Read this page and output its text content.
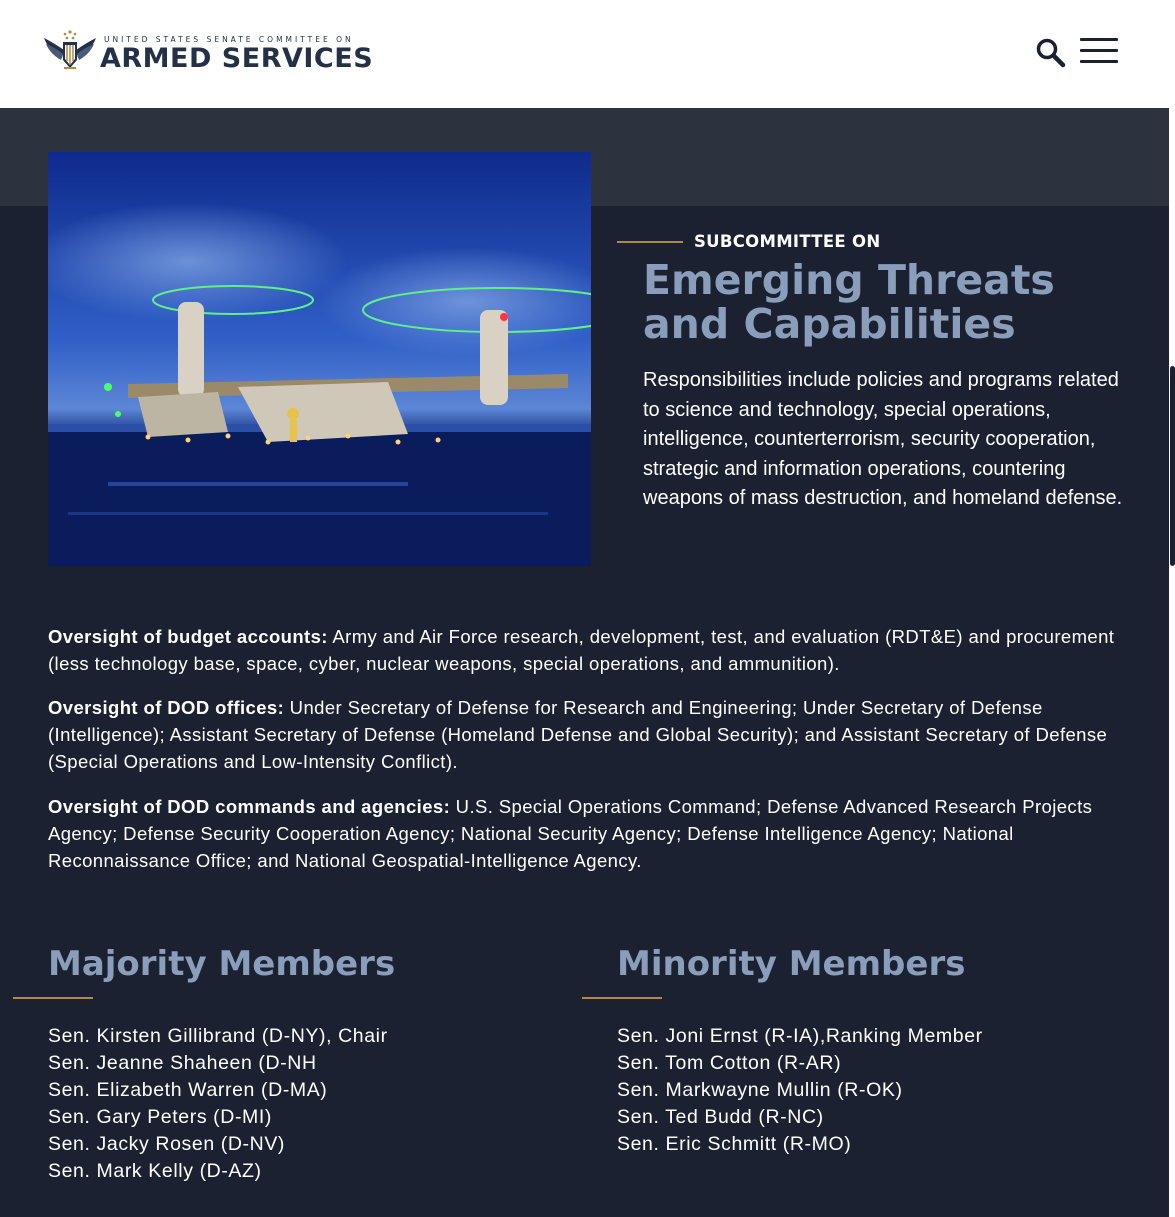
UNITED STATES SENATE COMMITTEE ON
ARMED SERVICES
SUBCOMMITTEE ON
Emerging Threats and Capabilities

Responsibilities include policies and programs related to science and technology, special operations, intelligence, counterterrorism, security cooperation, strategic and information operations, countering weapons of mass destruction, and homeland defense.

Oversight of budget accounts: Army and Air Force research, development, test, and evaluation (RDT&E) and procurement (less technology base, space, cyber, nuclear weapons, special operations, and ammunition).

Oversight of DOD offices: Under Secretary of Defense for Research and Engineering; Under Secretary of Defense (Intelligence); Assistant Secretary of Defense (Homeland Defense and Global Security); and Assistant Secretary of Defense (Special Operations and Low-Intensity Conflict).

Oversight of DOD commands and agencies: U.S. Special Operations Command; Defense Advanced Research Projects Agency; Defense Security Cooperation Agency; National Security Agency; Defense Intelligence Agency; National Reconnaissance Office; and National Geospatial-Intelligence Agency.

Majority Members
Sen. Kirsten Gillibrand (D-NY), Chair
Sen. Jeanne Shaheen (D-NH
Sen. Elizabeth Warren (D-MA)
Sen. Gary Peters (D-MI)
Sen. Jacky Rosen (D-NV)
Sen. Mark Kelly (D-AZ)
Minority Members
Sen. Joni Ernst (R-IA),Ranking Member
Sen. Tom Cotton (R-AR)
Sen. Markwayne Mullin (R-OK)
Sen. Ted Budd (R-NC)
Sen. Eric Schmitt (R-MO)
